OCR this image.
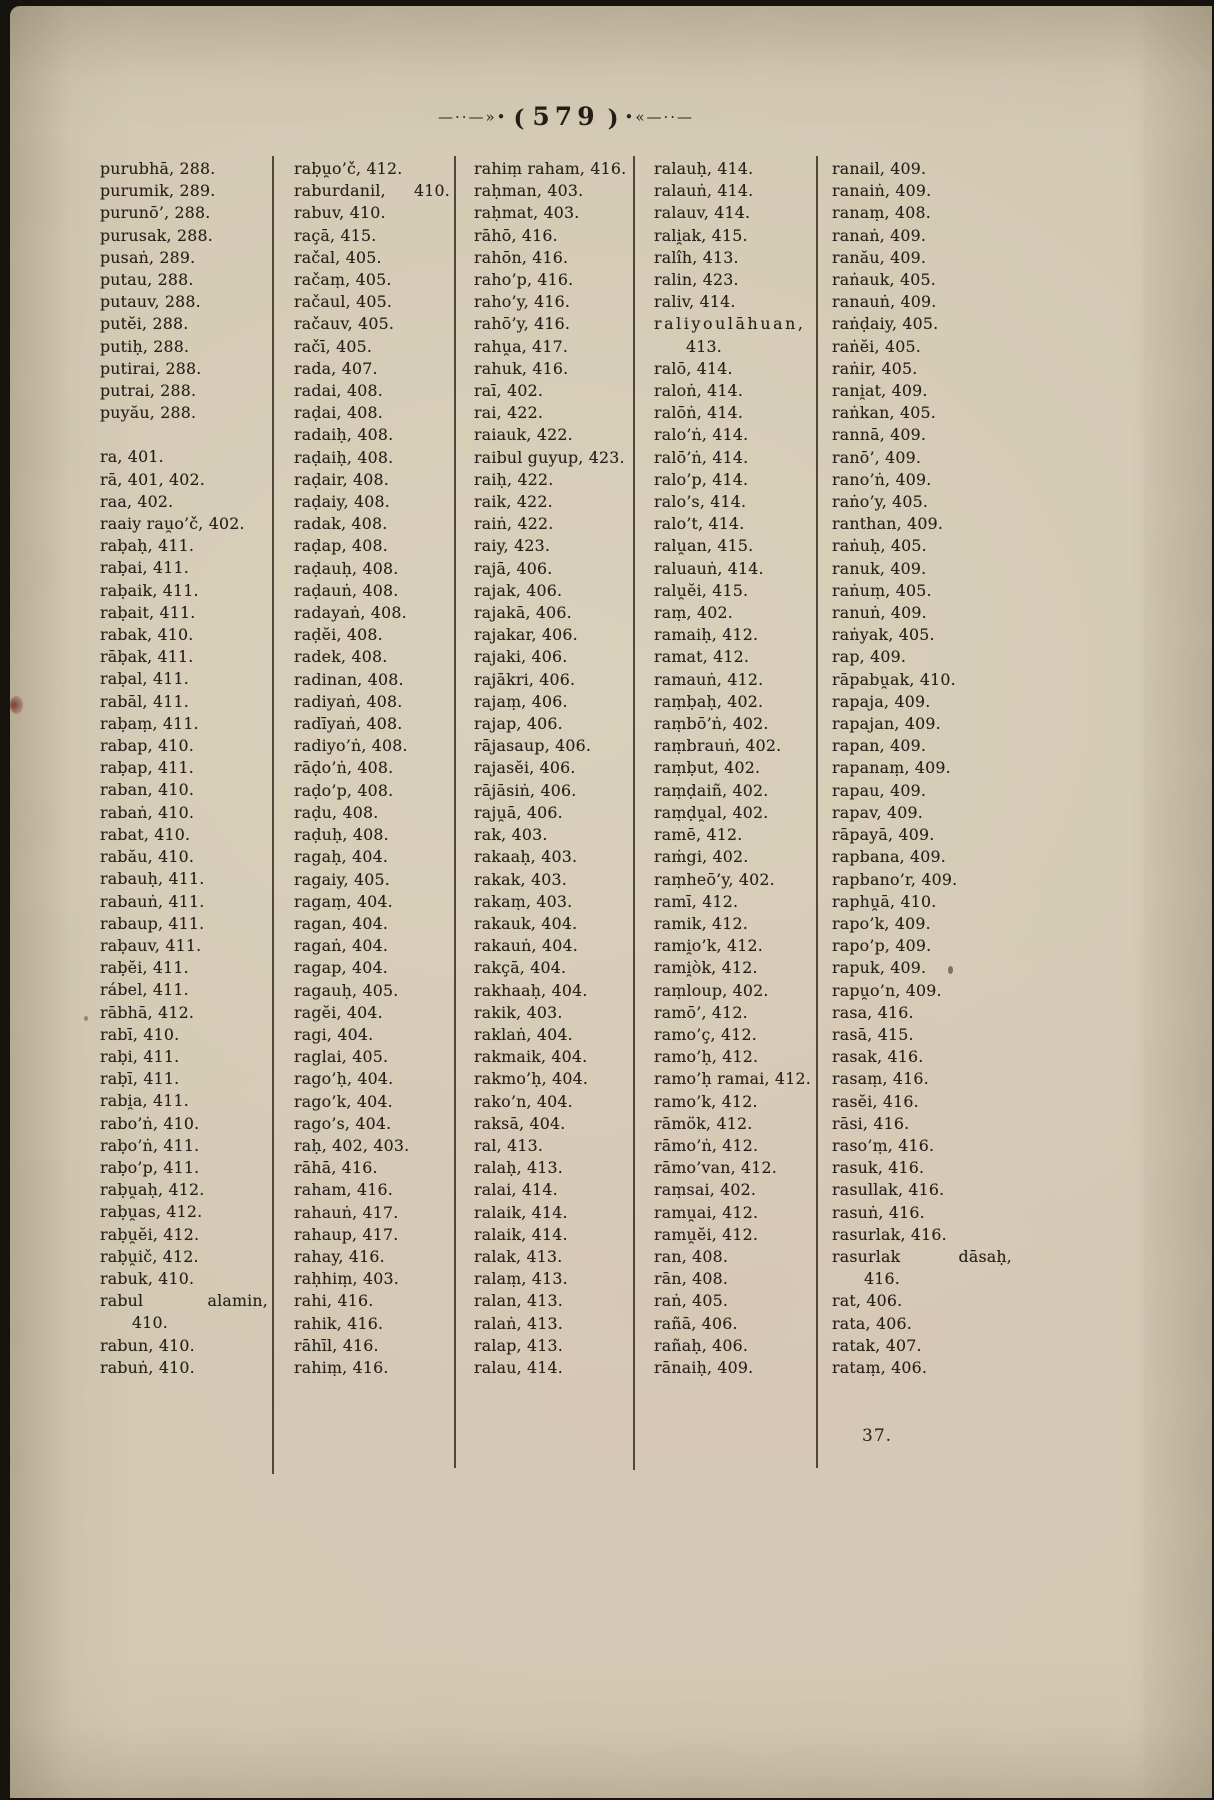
—··—»• ( 579 ) •«—··—
purubhā, 288.
purumik, 289.
purunō’, 288.
purusak, 288.
pusaṅ, 289.
putau, 288.
putauv, 288.
putĕi, 288.
putiḥ, 288.
putirai, 288.
putrai, 288.
puyău, 288.
ra, 401.
rā, 401, 402.
raa, 402.
raaiy rau̯o’č, 402.
raḅaḥ, 411.
raḅai, 411.
raḅaik, 411.
raḅait, 411.
rabak, 410.
rāḅak, 411.
raḅal, 411.
rabāl, 411.
raḅaṃ, 411.
rabap, 410.
raḅap, 411.
raban, 410.
rabaṅ, 410.
rabat, 410.
rabău, 410.
rabauḥ, 411.
rabauṅ, 411.
rabaup, 411.
raḅauv, 411.
raḅĕi, 411.
rábel, 411.
rābhā, 412.
rabī, 410.
raḅi, 411.
raḅī, 411.
rabi̯a, 411.
rabo’ṅ, 410.
raḅo’ṅ, 411.
raḅo’p, 411.
raḅu̯aḥ, 412.
raḅu̯as, 412.
raḅu̯ĕi, 412.
raḅu̯ič, 412.
rabuk, 410.
rabul alamin,
410.
rabun, 410.
rabuṅ, 410.
raḅu̯o’č, 412.
raburdanil, 410.
rabuv, 410.
raçā, 415.
račal, 405.
račaṃ, 405.
račaul, 405.
račauv, 405.
račī, 405.
rada, 407.
radai, 408.
raḍai, 408.
radaiḥ, 408.
raḍaiḥ, 408.
raḍair, 408.
raḍaiy, 408.
radak, 408.
raḍap, 408.
raḍauḥ, 408.
raḍauṅ, 408.
radayaṅ, 408.
raḍĕi, 408.
radek, 408.
radinan, 408.
radiyaṅ, 408.
radīyaṅ, 408.
radiyo’ṅ, 408.
rāḍo’ṅ, 408.
raḍo’p, 408.
raḍu, 408.
raḍuḥ, 408.
ragaḥ, 404.
ragaiy, 405.
ragaṃ, 404.
ragan, 404.
ragaṅ, 404.
ragap, 404.
ragauḥ, 405.
ragĕi, 404.
ragi, 404.
raglai, 405.
rago’ḥ, 404.
rago’k, 404.
rago’s, 404.
raḥ, 402, 403.
rāhā, 416.
raham, 416.
rahauṅ, 417.
rahaup, 417.
rahay, 416.
raḥhiṃ, 403.
rahi, 416.
rahik, 416.
rāhīl, 416.
rahiṃ, 416.
rahiṃ raham, 416.
raḥman, 403.
raḥmat, 403.
rāhō, 416.
rahōn, 416.
raho’p, 416.
raho’y, 416.
rahō’y, 416.
rahu̯a, 417.
rahuk, 416.
raī, 402.
rai, 422.
raiauk, 422.
raibul guyup, 423.
raiḥ, 422.
raik, 422.
raiṅ, 422.
raiy, 423.
rajā, 406.
rajak, 406.
rajakā, 406.
rajakar, 406.
rajaki, 406.
rajākri, 406.
rajaṃ, 406.
rajap, 406.
rājasaup, 406.
rajasĕi, 406.
rājāsiṅ, 406.
raju̯ā, 406.
rak, 403.
rakaaḥ, 403.
rakak, 403.
rakaṃ, 403.
rakauk, 404.
rakauṅ, 404.
rakçā, 404.
rakhaaḥ, 404.
rakik, 403.
raklaṅ, 404.
rakmaik, 404.
rakmo’ḥ, 404.
rako’n, 404.
raksā, 404.
ral, 413.
ralaḥ, 413.
ralai, 414.
ralaik, 414.
ralaik, 414.
ralak, 413.
ralaṃ, 413.
ralan, 413.
ralaṅ, 413.
ralap, 413.
ralau, 414.
ralauḥ, 414.
ralauṅ, 414.
ralauv, 414.
rali̯ak, 415.
ralîh, 413.
ralin, 423.
raliv, 414.
raliyoulāhuan,
413.
ralō, 414.
raloṅ, 414.
ralōṅ, 414.
ralo’ṅ, 414.
ralō’ṅ, 414.
ralo’p, 414.
ralo’s, 414.
ralo’t, 414.
ralu̯an, 415.
raluauṅ, 414.
ralu̯ĕi, 415.
raṃ, 402.
ramaiḥ, 412.
ramat, 412.
ramauṅ, 412.
raṃḅaḥ, 402.
raṃbō’ṅ, 402.
raṃbrauṅ, 402.
raṃḅut, 402.
raṃḍaiñ, 402.
raṃḍu̯al, 402.
ramē, 412.
raṁgi, 402.
raṃheō’y, 402.
ramī, 412.
ramik, 412.
rami̯o’k, 412.
rami̯òk, 412.
raṃloup, 402.
ramō’, 412.
ramo’ç, 412.
ramo’ḥ, 412.
ramo’ḥ ramai, 412.
ramo’k, 412.
rāmök, 412.
rāmo’ṅ, 412.
rāmo’van, 412.
raṃsai, 402.
ramu̯ai, 412.
ramu̯ĕi, 412.
ran, 408.
rān, 408.
raṅ, 405.
rañā, 406.
rañaḥ, 406.
rānaiḥ, 409.
ranail, 409.
ranaiṅ, 409.
ranaṃ, 408.
ranaṅ, 409.
ranău, 409.
raṅauk, 405.
ranauṅ, 409.
raṅḍaiy, 405.
raṅĕi, 405.
raṅir, 405.
rani̯at, 409.
raṅkan, 405.
rannā, 409.
ranō’, 409.
rano’ṅ, 409.
raṅo’y, 405.
ranthan, 409.
raṅuḥ, 405.
ranuk, 409.
raṅuṃ, 405.
ranuṅ, 409.
raṅyak, 405.
rap, 409.
rāpabu̯ak, 410.
rapaja, 409.
rapajan, 409.
rapan, 409.
rapanaṃ, 409.
rapau, 409.
rapav, 409.
rāpayā, 409.
rapbana, 409.
rapbano’r, 409.
raphu̯ā, 410.
rapo’k, 409.
rapo’p, 409.
rapuk, 409.
rapu̯o’n, 409.
rasa, 416.
rasā, 415.
rasak, 416.
rasaṃ, 416.
rasĕi, 416.
rāsi, 416.
raso’ṃ, 416.
rasuk, 416.
rasullak, 416.
rasuṅ, 416.
rasurlak, 416.
rasurlak dāsaḥ,
416.
rat, 406.
rata, 406.
ratak, 407.
rataṃ, 406.
37.
